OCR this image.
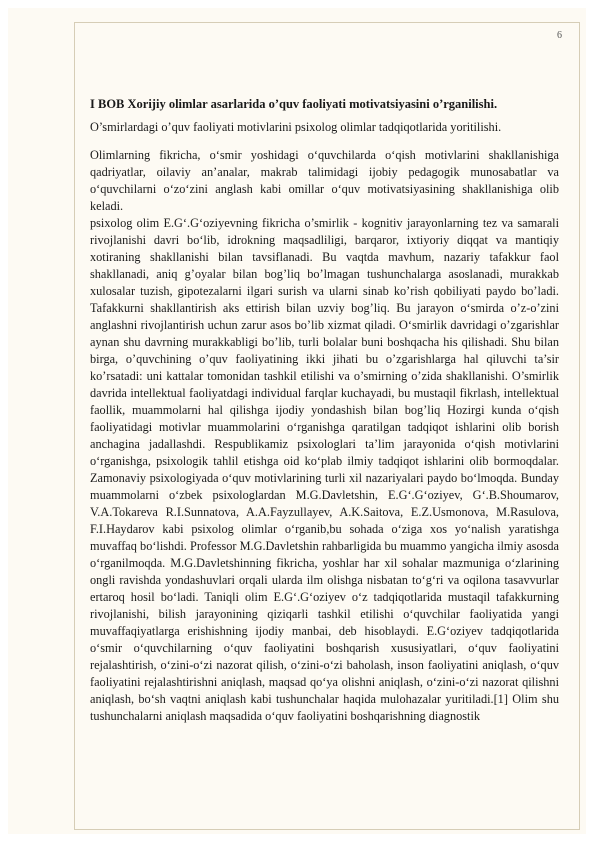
6
I BOB Xorijiy olimlar asarlarida o’quv faoliyati motivatsiyasini o’rganilishi.

O’smirlardagi o’quv faoliyati motivlarini psixolog olimlar tadqiqotlarida yoritilishi.

Olimlarning fikricha, o‘smir yoshidagi o‘quvchilarda o‘qish motivlarini shakllanishiga qadriyatlar, oilaviy an’analar, makrab talimidagi ijobiy pedagogik munosabatlar va o‘quvchilarni o‘zo‘zini anglash kabi omillar o‘quv motivatsiyasining shakllanishiga olib keladi.

psixolog olim E.G‘.G‘oziyevning fikricha o’smirlik - kognitiv jarayonlarning tez va samarali rivojlanishi davri bo‘lib, idrokning maqsadliligi, barqaror, ixtiyoriy diqqat va mantiqiy xotiraning shakllanishi bilan tavsiflanadi. Bu vaqtda mavhum, nazariy tafakkur faol shakllanadi, aniq g’oyalar bilan bog’liq bo’lmagan tushunchalarga asoslanadi, murakkab xulosalar tuzish, gipotezalarni ilgari surish va ularni sinab ko’rish qobiliyati paydo bo’ladi. Tafakkurni shakllantirish aks ettirish bilan uzviy bog’liq. Bu jarayon o‘smirda o’z-o’zini anglashni rivojlantirish uchun zarur asos bo’lib xizmat qiladi. O‘smirlik davridagi o’zgarishlar aynan shu davrning murakkabligi bo’lib, turli bolalar buni boshqacha his qilishadi. Shu bilan birga, o’quvchining o’quv faoliyatining ikki jihati bu o’zgarishlarga hal qiluvchi ta’sir ko’rsatadi: uni kattalar tomonidan tashkil etilishi va o’smirning o’zida shakllanishi. O’smirlik davrida intellektual faoliyatdagi individual farqlar kuchayadi, bu mustaqil fikrlash, intellektual faollik, muammolarni hal qilishga ijodiy yondashish bilan bog’liq Hozirgi kunda o‘qish faoliyatidagi motivlar muammolarini o‘rganishga qaratilgan tadqiqot ishlarini olib borish anchagina jadallashdi. Respublikamiz psixologlari ta’lim jarayonida o‘qish motivlarini o‘rganishga, psixologik tahlil etishga oid ko‘plab ilmiy tadqiqot ishlarini olib bormoqdalar. Zamonaviy psixologiyada o‘quv motivlarining turli xil nazariyalari paydo bo‘lmoqda. Bunday muammolarni o‘zbek psixologlardan M.G.Davletshin, E.G‘.G‘oziyev, G‘.B.Shoumarov, V.A.Tokareva R.I.Sunnatova, A.A.Fayzullayev, A.K.Saitova, E.Z.Usmonova, M.Rasulova, F.I.Haydarov kabi psixolog olimlar o‘rganib,bu sohada o‘ziga xos yo‘nalish yaratishga muvaffaq bo‘lishdi. Professor M.G.Davletshin rahbarligida bu muammo yangicha ilmiy asosda o‘rganilmoqda. M.G.Davletshinning fikricha, yoshlar har xil sohalar mazmuniga o‘zlarining ongli ravishda yondashuvlari orqali ularda ilm olishga nisbatan to‘g‘ri va oqilona tasavvurlar ertaroq hosil bo‘ladi. Taniqli olim E.G‘.G‘oziyev o‘z tadqiqotlarida mustaqil tafakkurning rivojlanishi, bilish jarayonining qiziqarli tashkil etilishi o‘quvchilar faoliyatida yangi muvaffaqiyatlarga erishishning ijodiy manbai, deb hisoblaydi. E.G‘oziyev tadqiqotlarida o‘smir o‘quvchilarning o‘quv faoliyatini boshqarish xususiyatlari, o‘quv faoliyatini rejalashtirish, o‘zini-o‘zi nazorat qilish, o‘zini-o‘zi baholash, inson faoliyatini aniqlash, o‘quv faoliyatini rejalashtirishni aniqlash, maqsad qo‘ya olishni aniqlash, o‘zini-o‘zi nazorat qilishni aniqlash, bo‘sh vaqtni aniqlash kabi tushunchalar haqida mulohazalar yuritiladi.[1] Olim shu tushunchalarni aniqlash maqsadida o‘quv faoliyatini boshqarishning diagnostik
